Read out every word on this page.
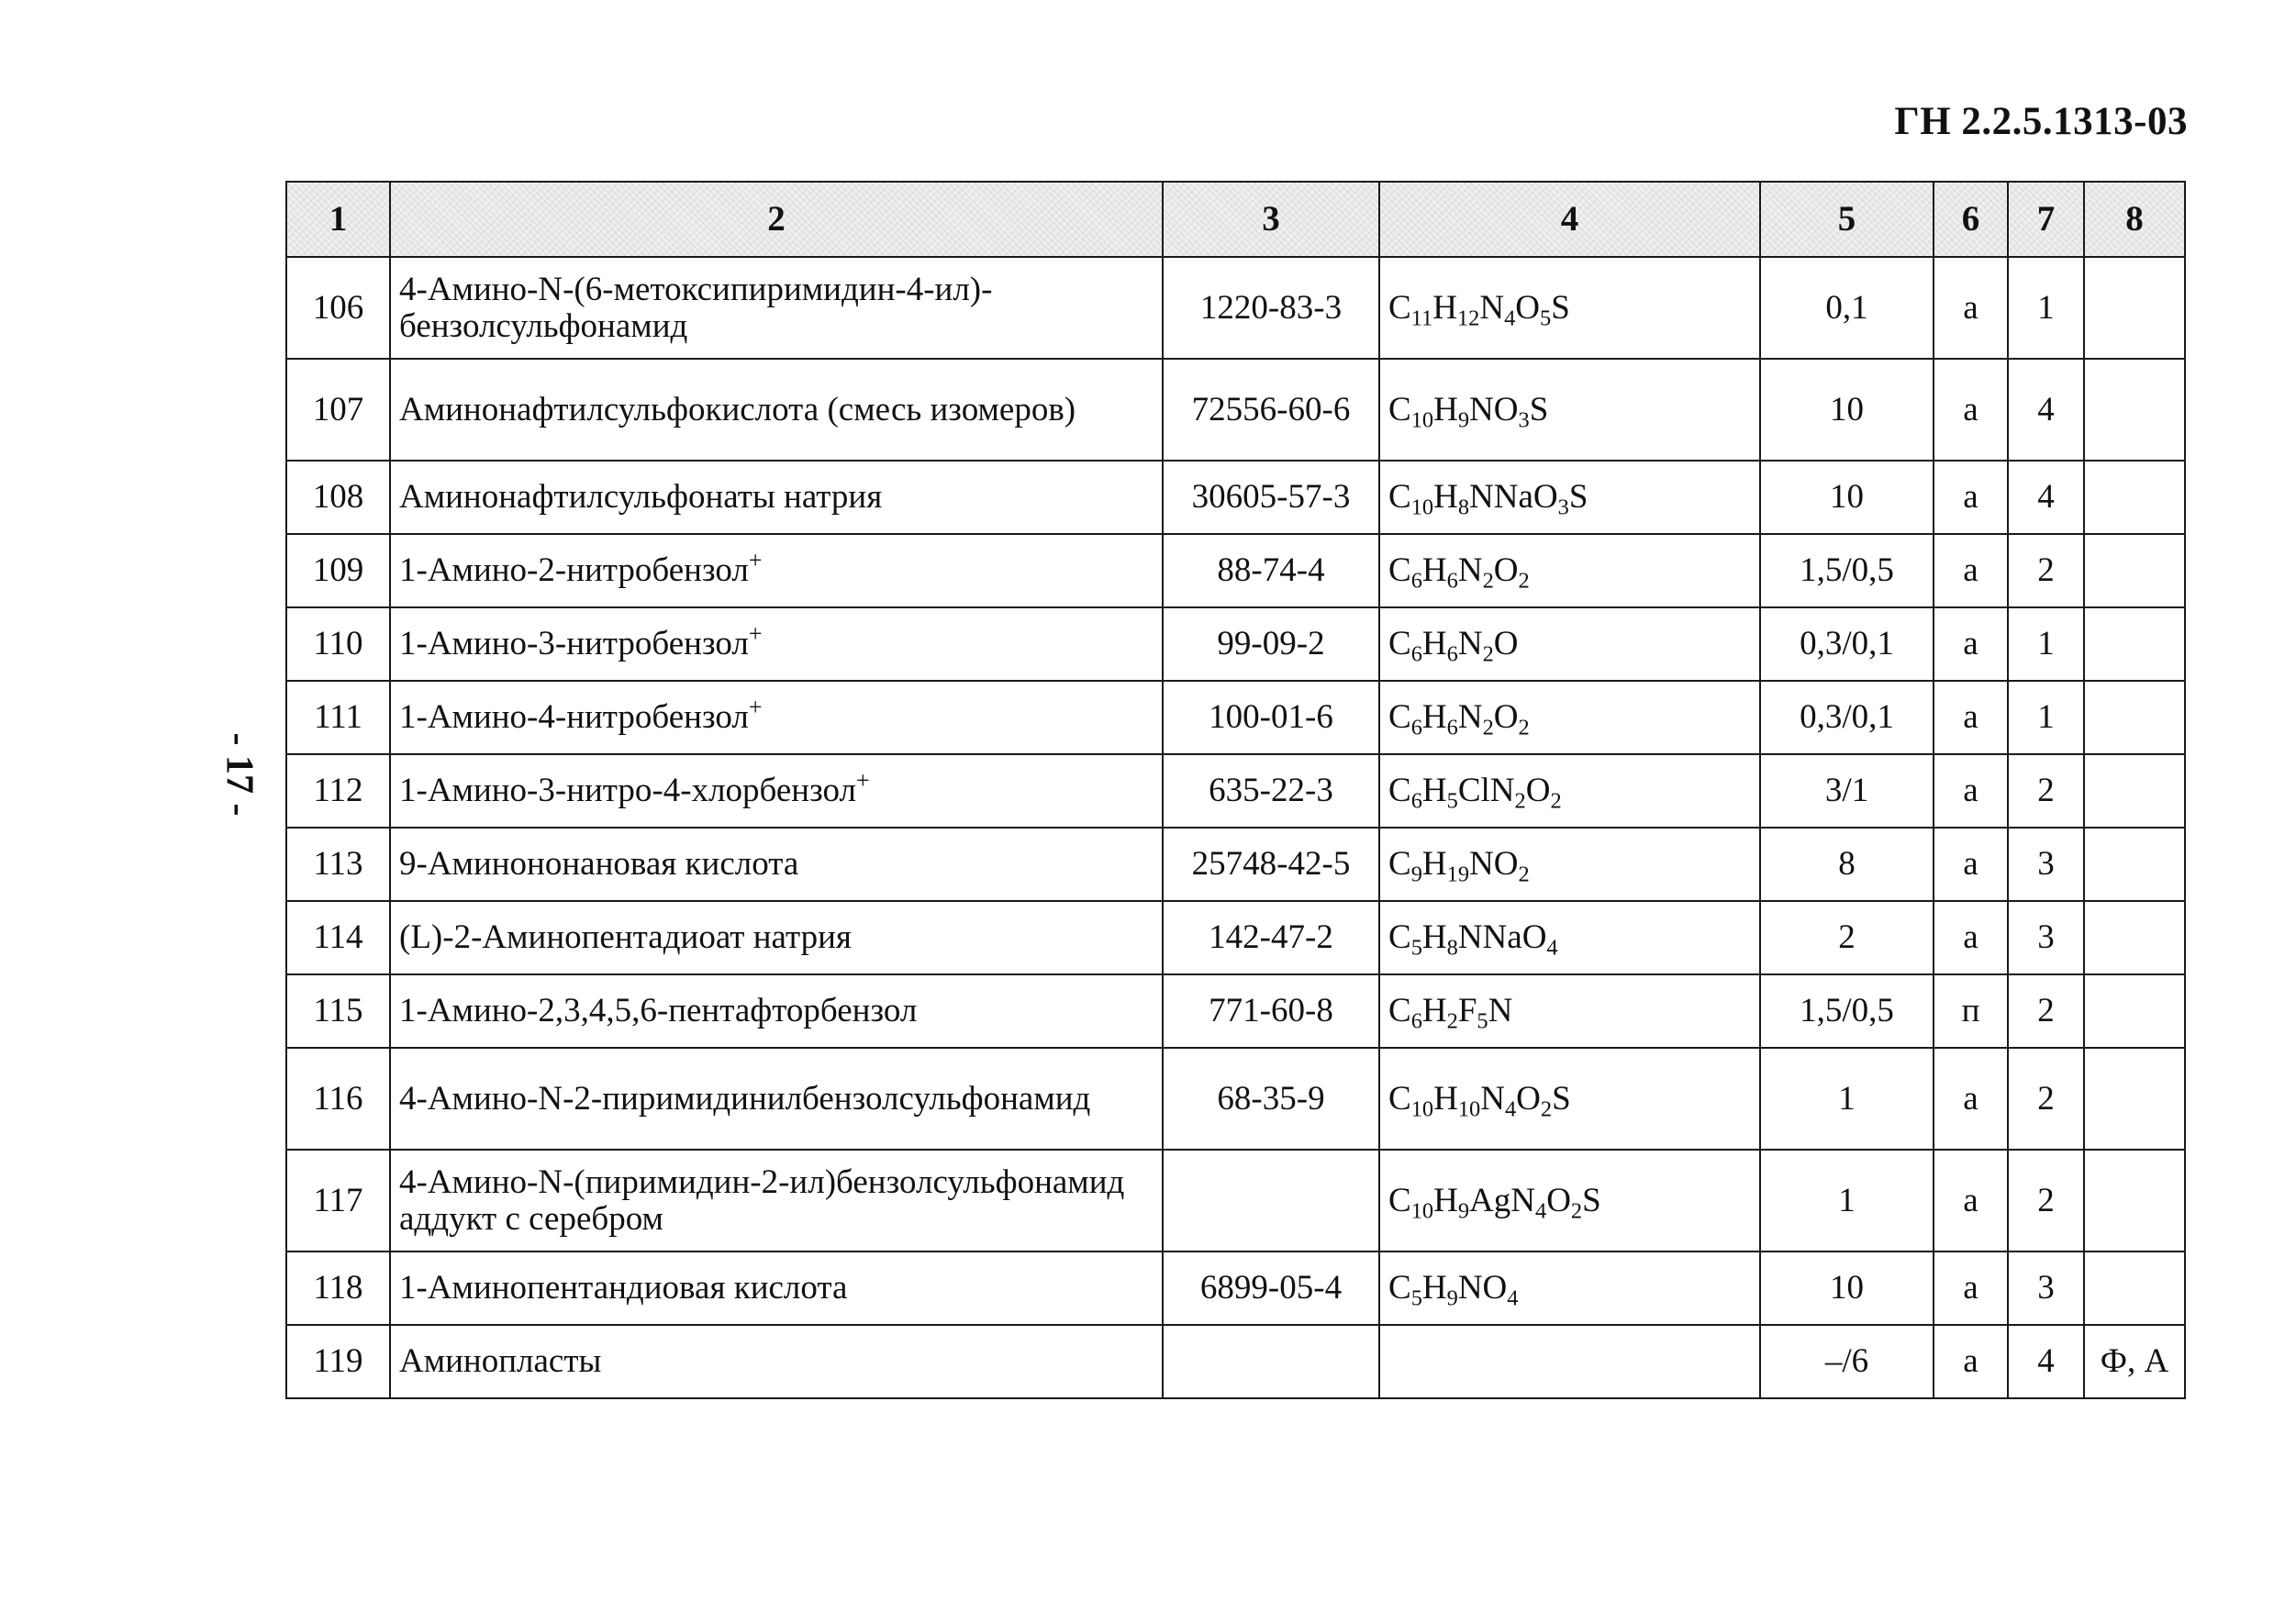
ГН 2.2.5.1313-03
- 17 -
1	2	3	4	5	6	7	8
106	4-Амино-N-(6-метоксипиримидин-4-ил)-бензолсульфонамид	1220-83-3	$C_{11}H_{12}N_4O_5S$	0,1	а	1	
107	Аминонафтилсульфокислота (смесь изомеров)	72556-60-6	$C_{10}H_9NO_3S$	10	а	4	
108	Аминонафтилсульфонаты натрия	30605-57-3	$C_{10}H_8NNaO_3S$	10	а	4	
109	1-Амино-2-нитробензол+	88-74-4	$C_6H_6N_2O_2$	1,5/0,5	а	2	
110	1-Амино-3-нитробензол+	99-09-2	$C_6H_6N_2O$	0,3/0,1	а	1	
111	1-Амино-4-нитробензол+	100-01-6	$C_6H_6N_2O_2$	0,3/0,1	а	1	
112	1-Амино-3-нитро-4-хлорбензол+	635-22-3	$C_6H_5ClN_2O_2$	3/1	а	2	
113	9-Аминононановая кислота	25748-42-5	$C_9H_{19}NO_2$	8	а	3	
114	(L)-2-Аминопентадиоат натрия	142-47-2	$C_5H_8NNaO_4$	2	а	3	
115	1-Амино-2,3,4,5,6-пентафторбензол	771-60-8	$C_6H_2F_5N$	1,5/0,5	п	2	
116	4-Амино-N-2-пиримидинилбензолсульфонамид	68-35-9	$C_{10}H_{10}N_4O_2S$	1	а	2	
117	4-Амино-N-(пиримидин-2-ил)бензолсульфонамид аддукт с серебром		$C_{10}H_9AgN_4O_2S$	1	а	2	
118	1-Аминопентандиовая кислота	6899-05-4	$C_5H_9NO_4$	10	а	3	
119	Аминопласты			–/6	а	4	Ф, А
